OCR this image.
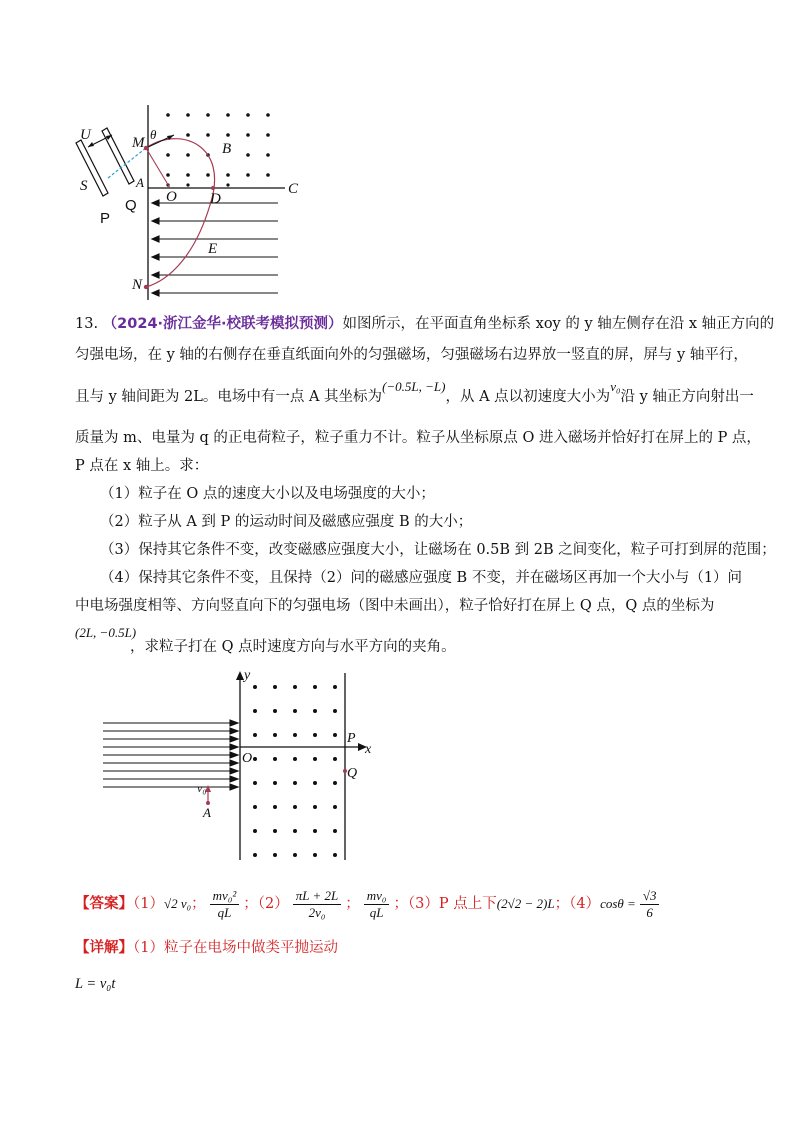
U	M
θ
B
S	A
O D
C
E
N
P
Q
13. （2024·浙江金华·校联考模拟预测）如图所示，在平面直角坐标系 xoy 的 y 轴左侧存在沿 x 轴正方向的
匀强电场，在 y 轴的右侧存在垂直纸面向外的匀强磁场，匀强磁场右边界放一竖直的屏，屏与 y 轴平行，
且与 y 轴间距为 2L。电场中有一点 A 其坐标为(−0.5L, −L)，从 A 点以初速度大小为v₀沿 y 轴正方向射出一
质量为 m、电量为 q 的正电荷粒子，粒子重力不计。粒子从坐标原点 O 进入磁场并恰好打在屏上的 P 点，
P 点在 x 轴上。求：
（1）粒子在 O 点的速度大小以及电场强度的大小；
（2）粒子从 A 到 P 的运动时间及磁感应强度 B 的大小；
（3）保持其它条件不变，改变磁感应强度大小，让磁场在 0.5B 到 2B 之间变化，粒子可打到屏的范围；
（4）保持其它条件不变，且保持（2）问的磁感应强度 B 不变，并在磁场区再加一个大小与（1）问
中电场强度相等、方向竖直向下的匀强电场（图中未画出），粒子恰好打在屏上 Q 点，Q 点的坐标为
(2L, −0.5L)
，求粒子打在 Q 点时速度方向与水平方向的夹角。
y
x
O
P
Q
v₀
A
【答案】（1）√2 v₀； $\frac{\text{mv₀²}}{qL}$ ；$(2) \frac{\pi L + 2L}{\text{2v₀}}$ ； $\frac{\text{mv₀}}{qL}$ ；（3）P 点上下(2√2 − 2)L；$(4)\cos\theta = \frac{√3}{6}$
【详解】（1）粒子在电场中做类平抛运动
L = v₀t
